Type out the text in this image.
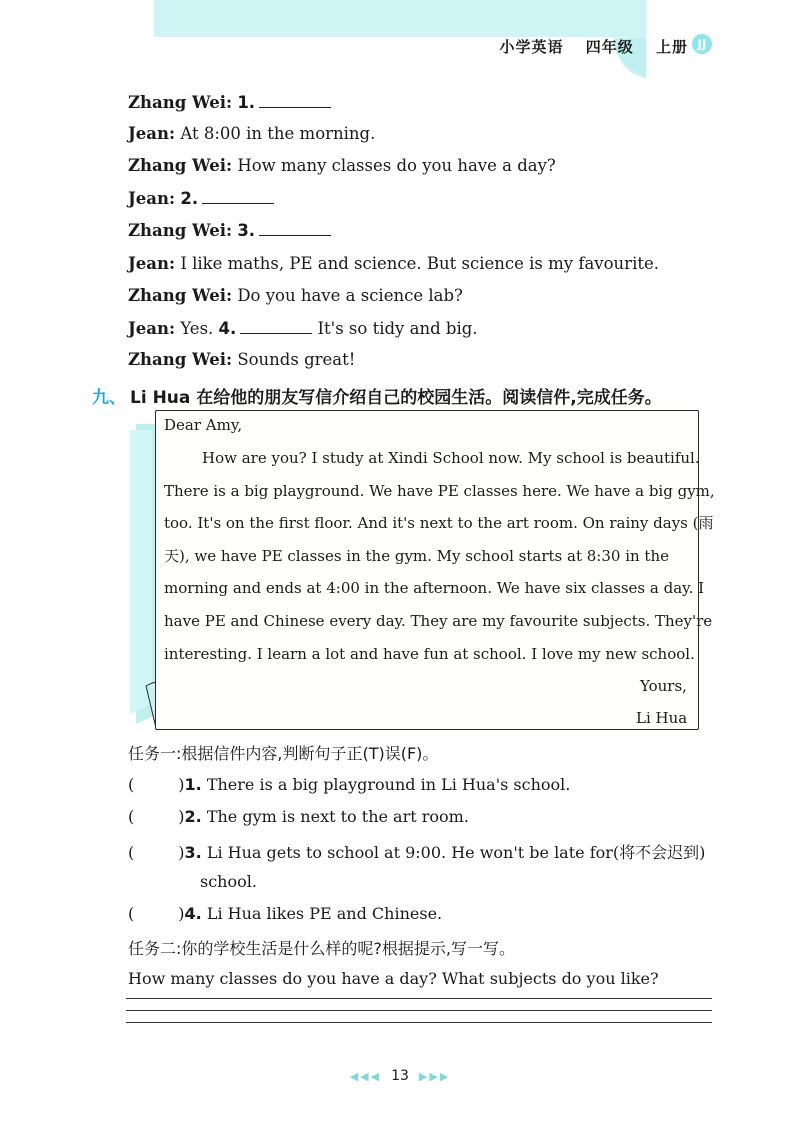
小学英语 四年级 上册 JJ
Zhang Wei: 1.
Jean: At 8:00 in the morning.
Zhang Wei: How many classes do you have a day?
Jean: 2.
Zhang Wei: 3.
Jean: I like maths, PE and science. But science is my favourite.
Zhang Wei: Do you have a science lab?
Jean: Yes. 4.	It's so tidy and big.
Zhang Wei: Sounds great!
九、 Li Hua 在给他的朋友写信介绍自己的校园生活。阅读信件,完成任务。
Dear Amy,
How are you? I study at Xindi School now. My school is beautiful.
There is a big playground. We have PE classes here. We have a big gym,
too. It's on the first floor. And it's next to the art room. On rainy days (雨
天), we have PE classes in the gym. My school starts at 8:30 in the
morning and ends at 4:00 in the afternoon. We have six classes a day. I
have PE and Chinese every day. They are my favourite subjects. They're
interesting. I learn a lot and have fun at school. I love my new school.
Yours,
Li Hua
任务一:根据信件内容,判断句子正(T)误(F)。
(	)1. There is a big playground in Li Hua's school.
(	)2. The gym is next to the art room.
(	)3. Li Hua gets to school at 9:00. He won't be late for(将不会迟到)
school.
(	)4. Li Hua likes PE and Chinese.
任务二:你的学校生活是什么样的呢?根据提示,写一写。
How many classes do you have a day? What subjects do you like?
◀◀◀ 13 ▶▶▶
